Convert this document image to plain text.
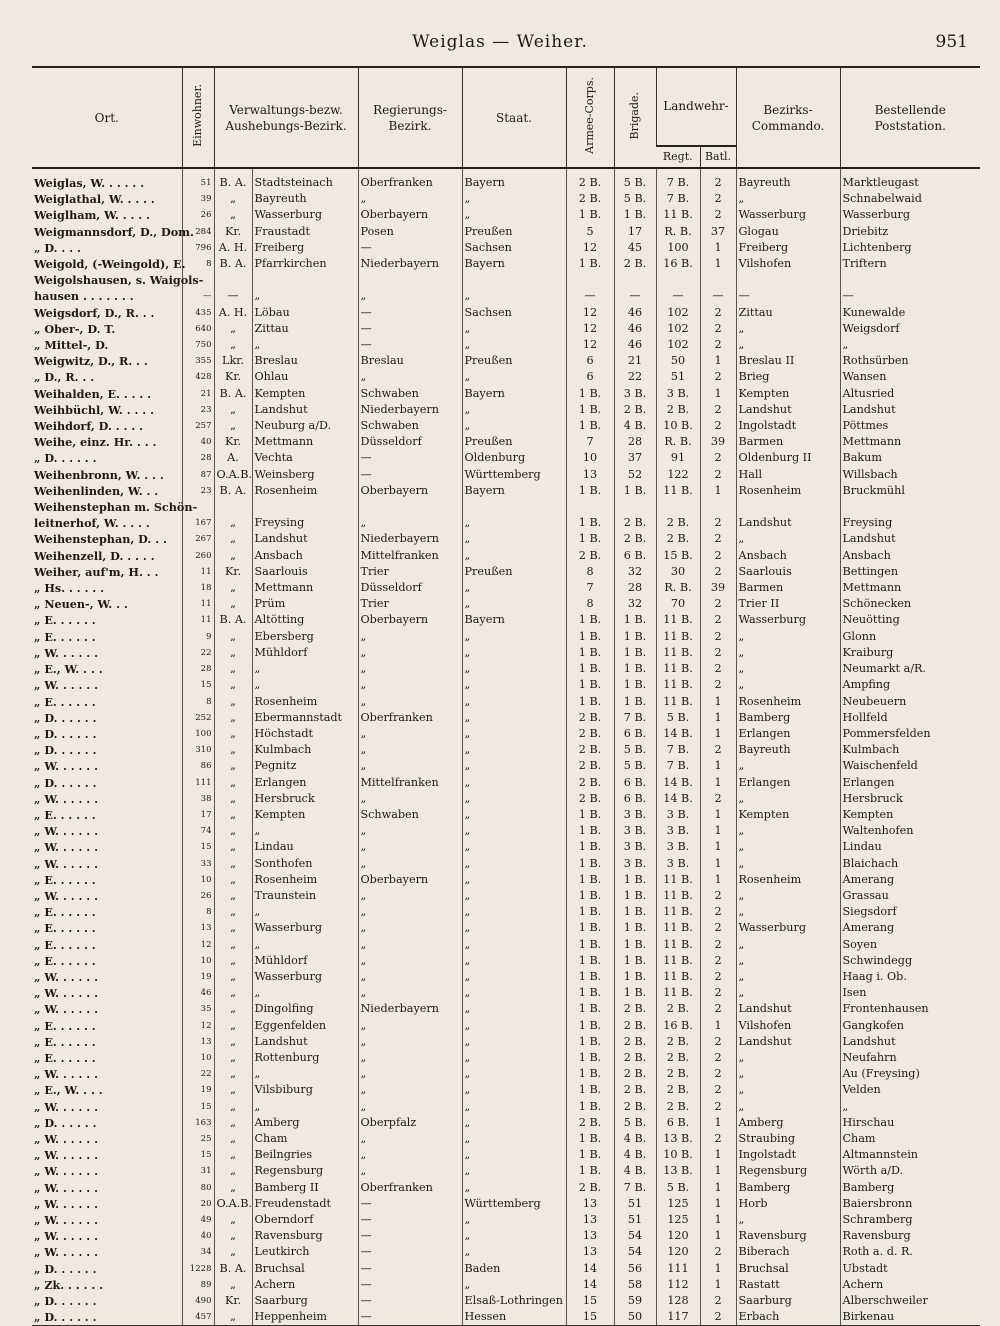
Weiglas — Weiher.	951
Ort.	Einwohner.	Verwaltungs-bezw. Aushebungs-Bezirk.		Regierungs-Bezirk.	Staat.	Armee-Corps.	Brigade.	Landwehr-		Bezirks-Commando.	Bestellende Poststation.
								Regt.	Batl.		

Weiglas, W. . . . . .	51	B. A.	Stadtsteinach	Oberfranken	Bayern	2 B.	5 B.	7 B.	2	Bayreuth	Marktleugast
Weiglathal, W. . . . .	39	„	Bayreuth	„	„	2 B.	5 B.	7 B.	2	„	Schnabelwaid
Weiglham, W. . . . .	26	„	Wasserburg	Oberbayern	„	1 B.	1 B.	11 B.	2	Wasserburg	Wasserburg
Weigmannsdorf, D., Dom.	284	Kr.	Fraustadt	Posen	Preußen	5	17	R. B.	37	Glogau	Driebitz
„ D. . . .	796	A. H.	Freiberg	—	Sachsen	12	45	100	1	Freiberg	Lichtenberg
Weigold, (-Weingold), E.	8	B. A.	Pfarrkirchen	Niederbayern	Bayern	1 B.	2 B.	16 B.	1	Vilshofen	Triftern
Weigolshausen, s. Waigols-											
hausen . . . . . . .	—	—	„	„	„	—	—	—	—	—	—
Weigsdorf, D., R. . .	435	A. H.	Löbau	—	Sachsen	12	46	102	2	Zittau	Kunewalde
„ Ober-, D. T.	640	„	Zittau	—	„	12	46	102	2	„	Weigsdorf
„ Mittel-, D.	750	„	„	—	„	12	46	102	2	„	„
Weigwitz, D., R. . .	355	Lkr.	Breslau	Breslau	Preußen	6	21	50	1	Breslau II	Rothsürben
„ D., R. . .	428	Kr.	Ohlau	„	„	6	22	51	2	Brieg	Wansen
Weihalden, E. . . . .	21	B. A.	Kempten	Schwaben	Bayern	1 B.	3 B.	3 B.	1	Kempten	Altusried
Weihbüchl, W. . . . .	23	„	Landshut	Niederbayern	„	1 B.	2 B.	2 B.	2	Landshut	Landshut
Weihdorf, D. . . . .	257	„	Neuburg a/D.	Schwaben	„	1 B.	4 B.	10 B.	2	Ingolstadt	Pöttmes
Weihe, einz. Hr. . . .	40	Kr.	Mettmann	Düsseldorf	Preußen	7	28	R. B.	39	Barmen	Mettmann
„ D. . . . . .	28	A.	Vechta	—	Oldenburg	10	37	91	2	Oldenburg II	Bakum
Weihenbronn, W. . . .	87	O.A.B.	Weinsberg	—	Württemberg	13	52	122	2	Hall	Willsbach
Weihenlinden, W. . .	23	B. A.	Rosenheim	Oberbayern	Bayern	1 B.	1 B.	11 B.	1	Rosenheim	Bruckmühl
Weihenstephan m. Schön-											
leitnerhof, W. . . . .	167	„	Freysing	„	„	1 B.	2 B.	2 B.	2	Landshut	Freysing
Weihenstephan, D. . .	267	„	Landshut	Niederbayern	„	1 B.	2 B.	2 B.	2	„	Landshut
Weihenzell, D. . . . .	260	„	Ansbach	Mittelfranken	„	2 B.	6 B.	15 B.	2	Ansbach	Ansbach
Weiher, auf'm, H. . .	11	Kr.	Saarlouis	Trier	Preußen	8	32	30	2	Saarlouis	Bettingen
„ Hs. . . . . .	18	„	Mettmann	Düsseldorf	„	7	28	R. B.	39	Barmen	Mettmann
„ Neuen-, W. . .	11	„	Prüm	Trier	„	8	32	70	2	Trier II	Schönecken
„ E. . . . . .	11	B. A.	Altötting	Oberbayern	Bayern	1 B.	1 B.	11 B.	2	Wasserburg	Neuötting
„ E. . . . . .	9	„	Ebersberg	„	„	1 B.	1 B.	11 B.	2	„	Glonn
„ W. . . . . .	22	„	Mühldorf	„	„	1 B.	1 B.	11 B.	2	„	Kraiburg
„ E., W. . . .	28	„	„	„	„	1 B.	1 B.	11 B.	2	„	Neumarkt a/R.
„ W. . . . . .	15	„	„	„	„	1 B.	1 B.	11 B.	2	„	Ampfing
„ E. . . . . .	8	„	Rosenheim	„	„	1 B.	1 B.	11 B.	1	Rosenheim	Neubeuern
„ D. . . . . .	252	„	Ebermannstadt	Oberfranken	„	2 B.	7 B.	5 B.	1	Bamberg	Hollfeld
„ D. . . . . .	100	„	Höchstadt	„	„	2 B.	6 B.	14 B.	1	Erlangen	Pommersfelden
„ D. . . . . .	310	„	Kulmbach	„	„	2 B.	5 B.	7 B.	2	Bayreuth	Kulmbach
„ W. . . . . .	86	„	Pegnitz	„	„	2 B.	5 B.	7 B.	1	„	Waischenfeld
„ D. . . . . .	111	„	Erlangen	Mittelfranken	„	2 B.	6 B.	14 B.	1	Erlangen	Erlangen
„ W. . . . . .	38	„	Hersbruck	„	„	2 B.	6 B.	14 B.	2	„	Hersbruck
„ E. . . . . .	17	„	Kempten	Schwaben	„	1 B.	3 B.	3 B.	1	Kempten	Kempten
„ W. . . . . .	74	„	„	„	„	1 B.	3 B.	3 B.	1	„	Waltenhofen
„ W. . . . . .	15	„	Lindau	„	„	1 B.	3 B.	3 B.	1	„	Lindau
„ W. . . . . .	33	„	Sonthofen	„	„	1 B.	3 B.	3 B.	1	„	Blaichach
„ E. . . . . .	10	„	Rosenheim	Oberbayern	„	1 B.	1 B.	11 B.	1	Rosenheim	Amerang
„ W. . . . . .	26	„	Traunstein	„	„	1 B.	1 B.	11 B.	2	„	Grassau
„ E. . . . . .	8	„	„	„	„	1 B.	1 B.	11 B.	2	„	Siegsdorf
„ E. . . . . .	13	„	Wasserburg	„	„	1 B.	1 B.	11 B.	2	Wasserburg	Amerang
„ E. . . . . .	12	„	„	„	„	1 B.	1 B.	11 B.	2	„	Soyen
„ E. . . . . .	10	„	Mühldorf	„	„	1 B.	1 B.	11 B.	2	„	Schwindegg
„ W. . . . . .	19	„	Wasserburg	„	„	1 B.	1 B.	11 B.	2	„	Haag i. Ob.
„ W. . . . . .	46	„	„	„	„	1 B.	1 B.	11 B.	2	„	Isen
„ W. . . . . .	35	„	Dingolfing	Niederbayern	„	1 B.	2 B.	2 B.	2	Landshut	Frontenhausen
„ E. . . . . .	12	„	Eggenfelden	„	„	1 B.	2 B.	16 B.	1	Vilshofen	Gangkofen
„ E. . . . . .	13	„	Landshut	„	„	1 B.	2 B.	2 B.	2	Landshut	Landshut
„ E. . . . . .	10	„	Rottenburg	„	„	1 B.	2 B.	2 B.	2	„	Neufahrn
„ W. . . . . .	22	„	„	„	„	1 B.	2 B.	2 B.	2	„	Au (Freysing)
„ E., W. . . .	19	„	Vilsbiburg	„	„	1 B.	2 B.	2 B.	2	„	Velden
„ W. . . . . .	15	„	„	„	„	1 B.	2 B.	2 B.	2	„	„
„ D. . . . . .	163	„	Amberg	Oberpfalz	„	2 B.	5 B.	6 B.	1	Amberg	Hirschau
„ W. . . . . .	25	„	Cham	„	„	1 B.	4 B.	13 B.	2	Straubing	Cham
„ W. . . . . .	15	„	Beilngries	„	„	1 B.	4 B.	10 B.	1	Ingolstadt	Altmannstein
„ W. . . . . .	31	„	Regensburg	„	„	1 B.	4 B.	13 B.	1	Regensburg	Wörth a/D.
„ W. . . . . .	80	„	Bamberg II	Oberfranken	„	2 B.	7 B.	5 B.	1	Bamberg	Bamberg
„ W. . . . . .	20	O.A.B.	Freudenstadt	—	Württemberg	13	51	125	1	Horb	Baiersbronn
„ W. . . . . .	49	„	Oberndorf	—	„	13	51	125	1	„	Schramberg
„ W. . . . . .	40	„	Ravensburg	—	„	13	54	120	1	Ravensburg	Ravensburg
„ W. . . . . .	34	„	Leutkirch	—	„	13	54	120	2	Biberach	Roth a. d. R.
„ D. . . . . .	1228	B. A.	Bruchsal	—	Baden	14	56	111	1	Bruchsal	Ubstadt
„ Zk. . . . . .	89	„	Achern	—	„	14	58	112	1	Rastatt	Achern
„ D. . . . . .	490	Kr.	Saarburg	—	Elsaß-Lothringen	15	59	128	2	Saarburg	Alberschweiler
„ D. . . . . .	457	„	Heppenheim	—	Hessen	15	50	117	2	Erbach	Birkenau
